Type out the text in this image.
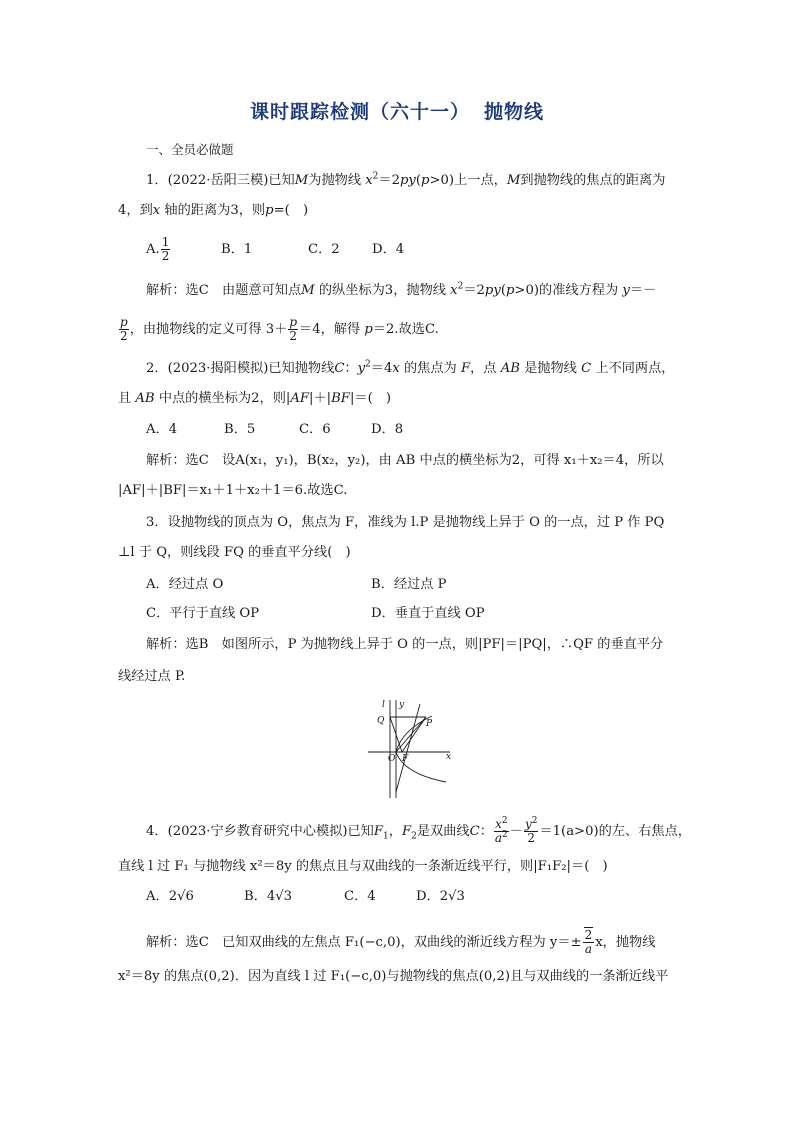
课时跟踪检测（六十一） 抛物线
一、全员必做题
1．(2022·岳阳三模)已知M为抛物线 $x^2=2py(p>0)$上一点，M到抛物线的焦点的距离为
4，到x 轴的距离为3，则p=(　)
A. $\frac{1}{2}$	B．1	C．2 D．4
解析：选C　由题意可知点M 的纵坐标为3，抛物线 $x^2=2py(p>0)$的准线方程为 y＝－
$\frac{p}{2}$ ，由抛物线的定义可得 $3+ \frac{p}{2} =4$，解得 p＝2.故选C.
2．(2023·揭阳模拟)已知抛物线C：$y^2=4x$ 的焦点为 F，点 AB 是抛物线 C 上不同两点，
且 AB 中点的横坐标为2，则|AF|＋|BF|＝(　)
A．4	B．5	C．6	D．8
解析：选C　设A(x₁，y₁)，B(x₂，y₂)，由 AB 中点的横坐标为2，可得 x₁＋x₂＝4，所以
|AF|＋|BF|＝x₁＋1＋x₂＋1＝6.故选C.
3．设抛物线的顶点为 O，焦点为 F，准线为 l.P 是抛物线上异于 O 的一点，过 P 作 PQ
⊥l 于 Q，则线段 FQ 的垂直平分线(　)
A．经过点 O	B．经过点 P
C．平行于直线 OP	D．垂直于直线 OP
解析：选B　如图所示，P 为抛物线上异于 O 的一点，则|PF|＝|PQ|，∴QF 的垂直平分
线经过点 P.
l y
Q	P
O F	x
4．(2023·宁乡教育研究中心模拟)已知$F_1$，$F_2$是双曲线C： $\frac{x^2}{a^2} - \frac{y^2}{2} =1(a>0)$的左、右焦点，
直线 l 过 F₁ 与抛物线 x²＝8y 的焦点且与双曲线的一条渐近线平行，则|F₁F₂|＝(　)
A．2√6	B．4√3	C．4	D．2√3
解析：选C　已知双曲线的左焦点 F₁(−c,0)，双曲线的渐近线方程为 $y=\pm \frac{2}{a}$ x，抛物线
x²＝8y 的焦点(0,2)．因为直线 l 过 F₁(−c,0)与抛物线的焦点(0,2)且与双曲线的一条渐近线平
